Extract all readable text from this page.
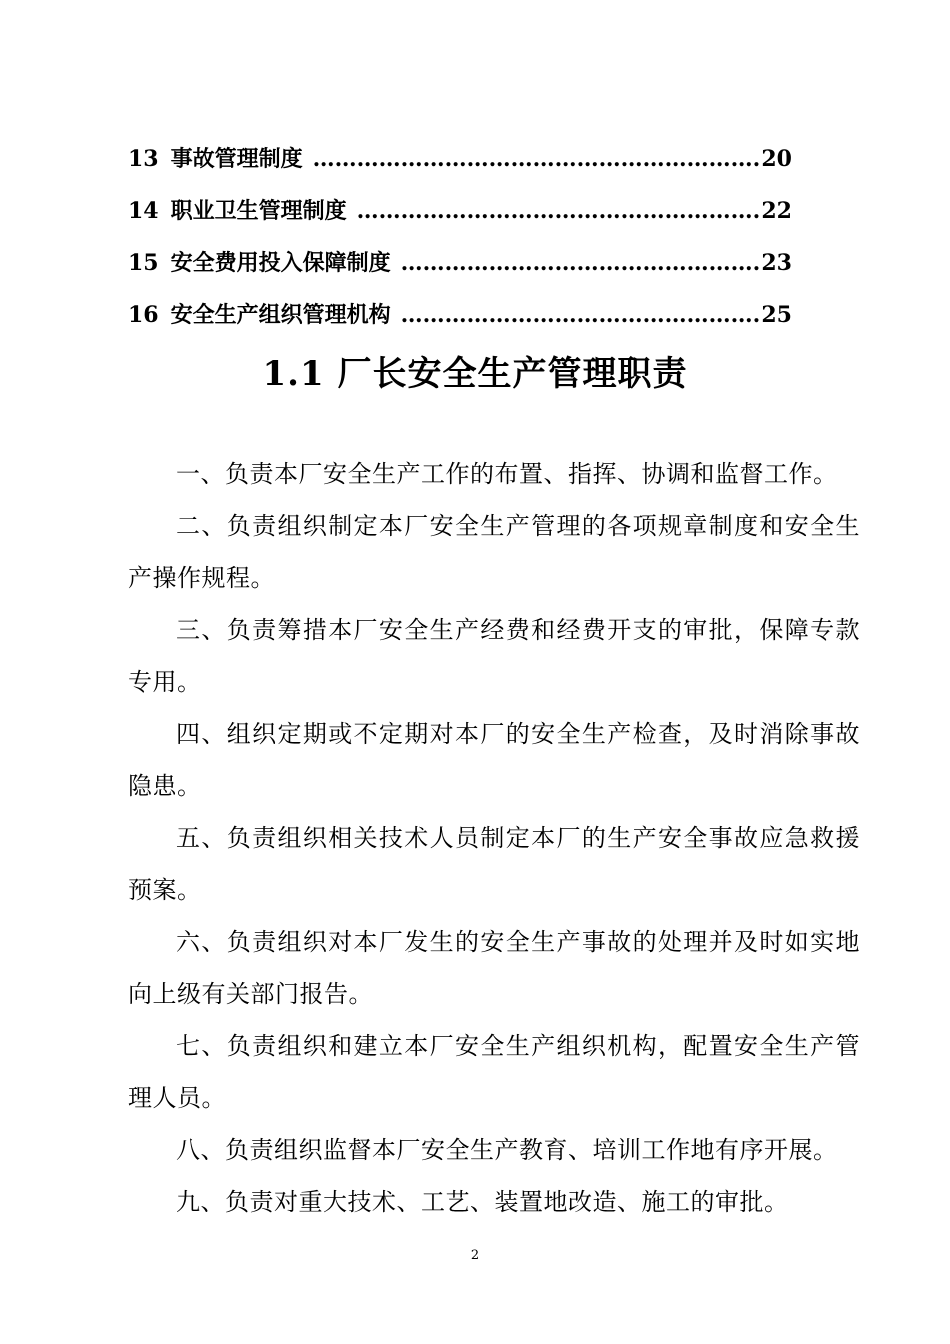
13 事故管理制度 …………………………………………………………………………………………	20
14 职业卫生管理制度 …………………………………………………………………………………………	22
15 安全费用投入保障制度 …………………………………………………………………………………………	23
16 安全生产组织管理机构 …………………………………………………………………………………………	25
1.1 厂长安全生产管理职责

一、负责本厂安全生产工作的布置、指挥、协调和监督工作。

二、负责组织制定本厂安全生产管理的各项规章制度和安全生产操作规程。

三、负责筹措本厂安全生产经费和经费开支的审批，保障专款专用。

四、组织定期或不定期对本厂的安全生产检查，及时消除事故隐患。

五、负责组织相关技术人员制定本厂的生产安全事故应急救援预案。

六、负责组织对本厂发生的安全生产事故的处理并及时如实地向上级有关部门报告。

七、负责组织和建立本厂安全生产组织机构，配置安全生产管理人员。

八、负责组织监督本厂安全生产教育、培训工作地有序开展。

九、负责对重大技术、工艺、装置地改造、施工的审批。

2
